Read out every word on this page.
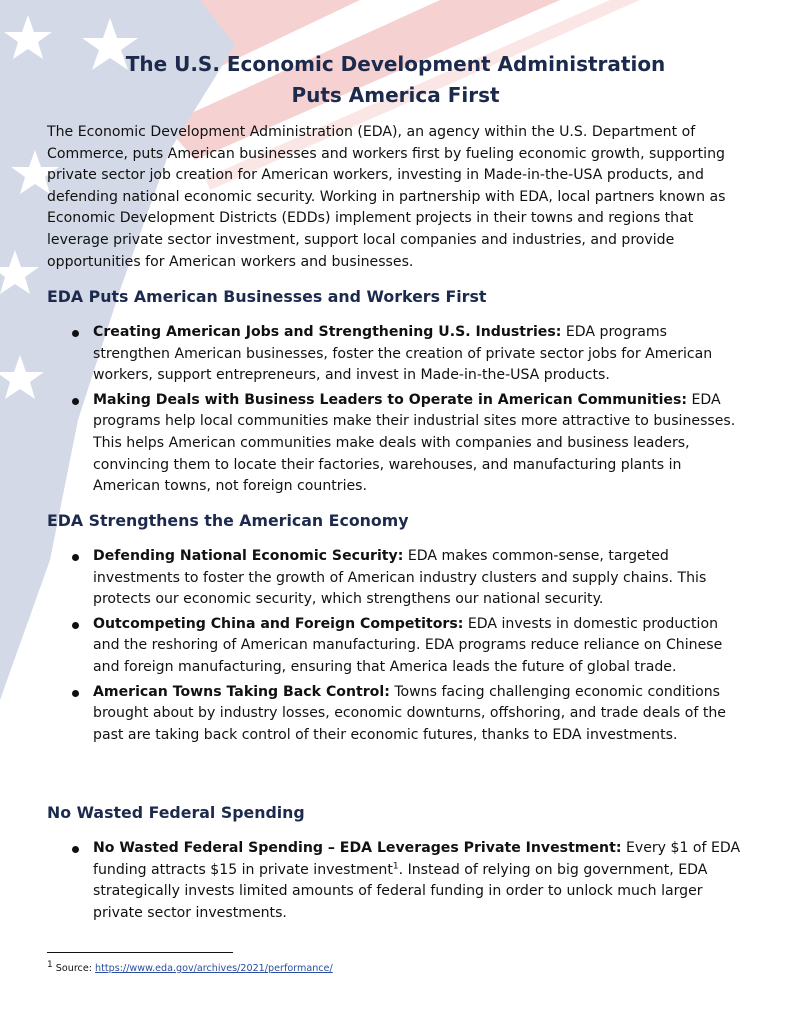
The U.S. Economic Development Administration
Puts America First

The Economic Development Administration (EDA), an agency within the U.S. Department of Commerce, puts American businesses and workers first by fueling economic growth, supporting private sector job creation for American workers, investing in Made-in-the-USA products, and defending national economic security. Working in partnership with EDA, local partners known as Economic Development Districts (EDDs) implement projects in their towns and regions that leverage private sector investment, support local companies and industries, and provide opportunities for American workers and businesses.

EDA Puts American Businesses and Workers First
Creating American Jobs and Strengthening U.S. Industries: EDA programs strengthen American businesses, foster the creation of private sector jobs for American workers, support entrepreneurs, and invest in Made-in-the-USA products.
Making Deals with Business Leaders to Operate in American Communities: EDA programs help local communities make their industrial sites more attractive to businesses. This helps American communities make deals with companies and business leaders, convincing them to locate their factories, warehouses, and manufacturing plants in American towns, not foreign countries.
EDA Strengthens the American Economy
Defending National Economic Security: EDA makes common-sense, targeted investments to foster the growth of American industry clusters and supply chains. This protects our economic security, which strengthens our national security.
Outcompeting China and Foreign Competitors: EDA invests in domestic production and the reshoring of American manufacturing. EDA programs reduce reliance on Chinese and foreign manufacturing, ensuring that America leads the future of global trade.
American Towns Taking Back Control: Towns facing challenging economic conditions brought about by industry losses, economic downturns, offshoring, and trade deals of the past are taking back control of their economic futures, thanks to EDA investments.
No Wasted Federal Spending
No Wasted Federal Spending – EDA Leverages Private Investment: Every $1 of EDA funding attracts $15 in private investment$^1$. Instead of relying on big government, EDA strategically invests limited amounts of federal funding in order to unlock much larger private sector investments.
$^1$ Source: https://www.eda.gov/archives/2021/performance/
